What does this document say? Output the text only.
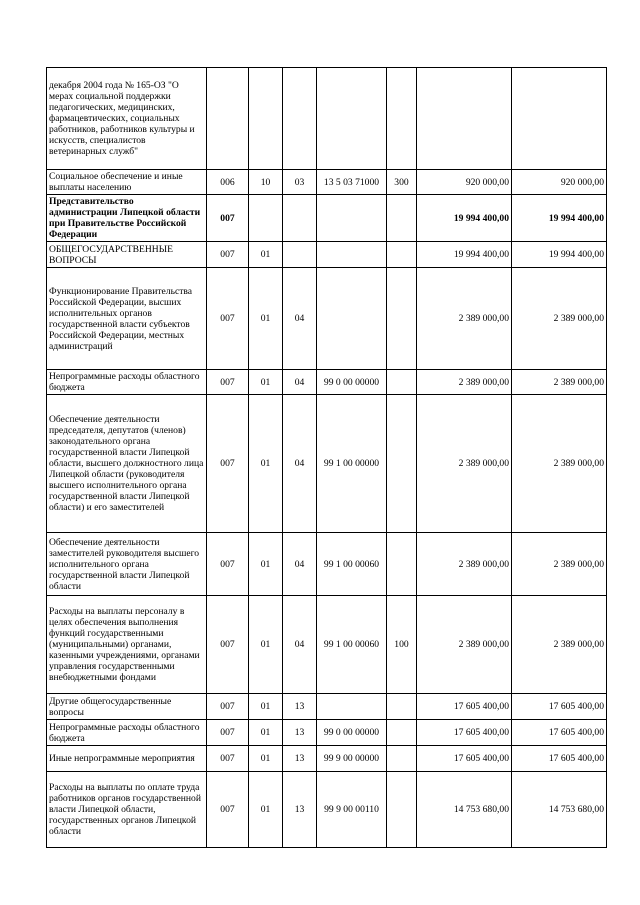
декабря 2004 года № 165-ОЗ "О мерах социальной поддержки педагогических, медицинских, фармацевтических, социальных работников, работников культуры и искусств, специалистов ветеринарных служб"							
Социальное обеспечение и иные выплаты населению	006	10	03	13 5 03 71000	300	920 000,00	920 000,00
Представительство администрации Липецкой области при Правительстве Российской Федерации	007					19 994 400,00	19 994 400,00
ОБЩЕГОСУДАРСТВЕННЫЕ ВОПРОСЫ	007	01				19 994 400,00	19 994 400,00
Функционирование Правительства Российской Федерации, высших исполнительных органов государственной власти субъектов Российской Федерации, местных администраций	007	01	04			2 389 000,00	2 389 000,00
Непрограммные расходы областного бюджета	007	01	04	99 0 00 00000		2 389 000,00	2 389 000,00
Обеспечение деятельности председателя, депутатов (членов) законодательного органа государственной власти Липецкой области, высшего должностного лица Липецкой области (руководителя высшего исполнительного органа государственной власти Липецкой области) и его заместителей	007	01	04	99 1 00 00000		2 389 000,00	2 389 000,00
Обеспечение деятельности заместителей руководителя высшего исполнительного органа государственной власти Липецкой области	007	01	04	99 1 00 00060		2 389 000,00	2 389 000,00
Расходы на выплаты персоналу в целях обеспечения выполнения функций государственными (муниципальными) органами, казенными учреждениями, органами управления государственными внебюджетными фондами	007	01	04	99 1 00 00060	100	2 389 000,00	2 389 000,00
Другие общегосударственные вопросы	007	01	13			17 605 400,00	17 605 400,00
Непрограммные расходы областного бюджета	007	01	13	99 0 00 00000		17 605 400,00	17 605 400,00
Иные непрограммные мероприятия	007	01	13	99 9 00 00000		17 605 400,00	17 605 400,00
Расходы на выплаты по оплате труда работников органов государственной власти Липецкой области, государственных органов Липецкой области	007	01	13	99 9 00 00110		14 753 680,00	14 753 680,00
